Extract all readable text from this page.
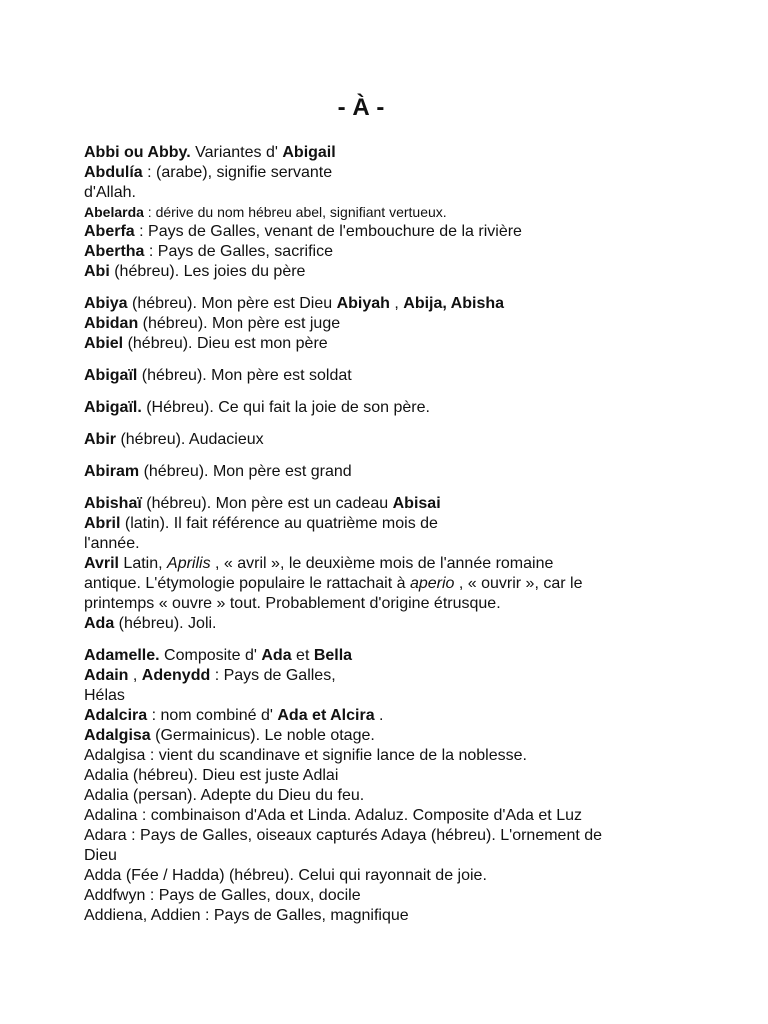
- À -
Abbi ou Abby. Variantes d' Abigail
Abdulía : (arabe), signifie servante
d'Allah.
Abelarda : dérive du nom hébreu abel, signifiant vertueux.
Aberfa : Pays de Galles, venant de l'embouchure de la rivière
Abertha : Pays de Galles, sacrifice
Abi (hébreu). Les joies du père
Abiya (hébreu). Mon père est Dieu Abiyah , Abija, Abisha
Abidan (hébreu). Mon père est juge
Abiel (hébreu). Dieu est mon père
Abigaïl (hébreu). Mon père est soldat
Abigaïl. (Hébreu). Ce qui fait la joie de son père.
Abir (hébreu). Audacieux
Abiram (hébreu). Mon père est grand
Abishaï (hébreu). Mon père est un cadeau Abisai
Abril (latin). Il fait référence au quatrième mois de
l'année.
Avril Latin, Aprilis , « avril », le deuxième mois de l'année romaine
antique. L'étymologie populaire le rattachait à aperio , « ouvrir », car le
printemps « ouvre » tout. Probablement d'origine étrusque.
Ada (hébreu). Joli.
Adamelle. Composite d' Ada et Bella
Adain , Adenydd : Pays de Galles,
Hélas
Adalcira : nom combiné d' Ada et Alcira .
Adalgisa (Germainicus). Le noble otage.
Adalgisa : vient du scandinave et signifie lance de la noblesse.
Adalia (hébreu). Dieu est juste Adlai
Adalia (persan). Adepte du Dieu du feu.
Adalina : combinaison d'Ada et Linda. Adaluz. Composite d'Ada et Luz
Adara : Pays de Galles, oiseaux capturés Adaya (hébreu). L'ornement de
Dieu
Adda (Fée / Hadda) (hébreu). Celui qui rayonnait de joie.
Addfwyn : Pays de Galles, doux, docile
Addiena, Addien : Pays de Galles, magnifique
